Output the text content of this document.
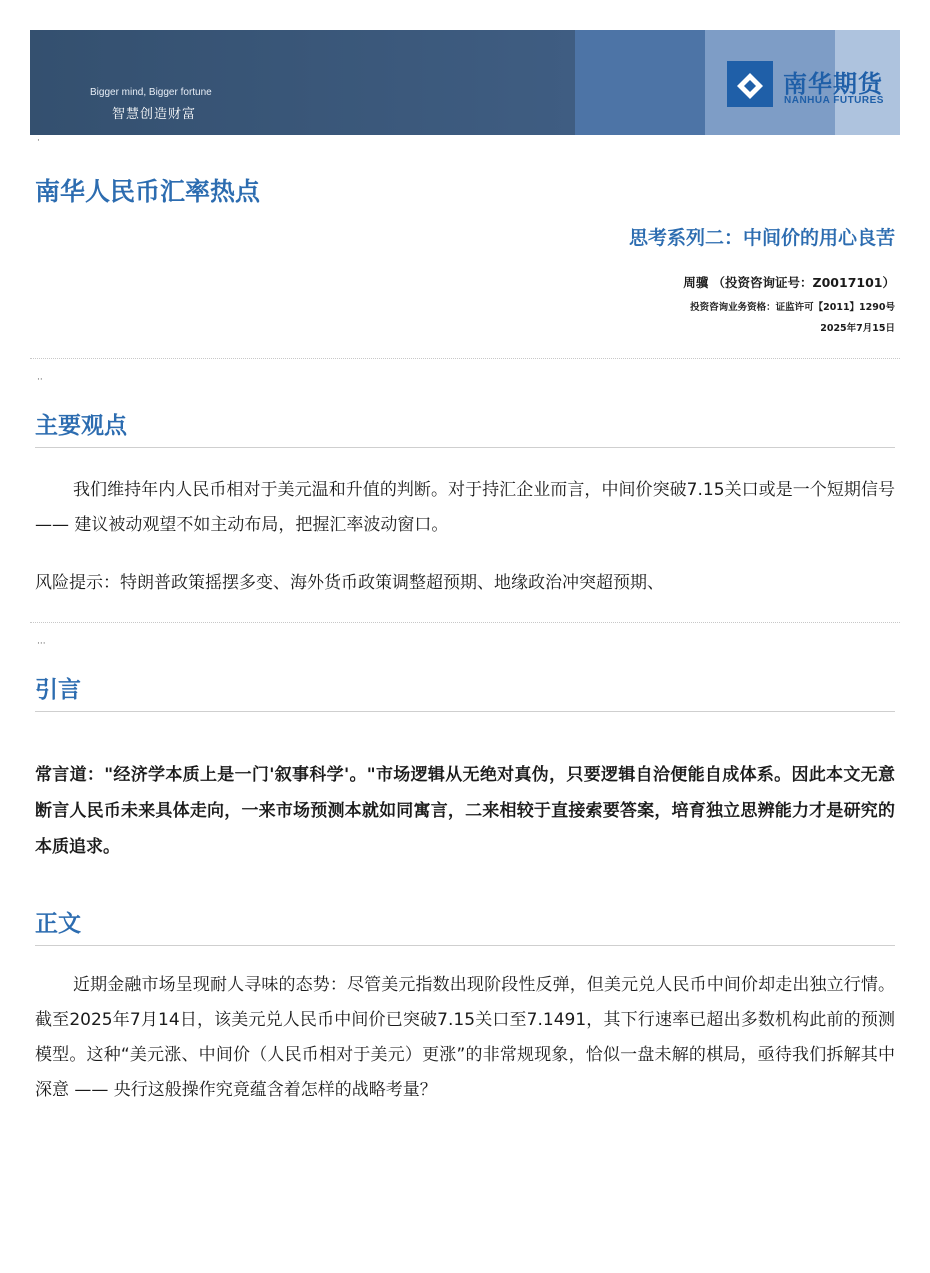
Bigger mind, Bigger fortune
智慧创造财富
南华期货
NANHUA FUTURES
·
南华人民币汇率热点
思考系列二：中间价的用心良苦
周骥 （投资咨询证号：Z0017101）
投资咨询业务资格：证监许可【2011】1290号
2025年7月15日
··
主要观点

我们维持年内人民币相对于美元温和升值的判断。对于持汇企业而言，中间价突破7.15关口或是一个短期信号 —— 建议被动观望不如主动布局，把握汇率波动窗口。

风险提示：特朗普政策摇摆多变、海外货币政策调整超预期、地缘政治冲突超预期、

···
引言

常言道："经济学本质上是一门'叙事科学'。"市场逻辑从无绝对真伪，只要逻辑自洽便能自成体系。因此本文无意断言人民币未来具体走向，一来市场预测本就如同寓言，二来相较于直接索要答案，培育独立思辨能力才是研究的本质追求。

正文

近期金融市场呈现耐人寻味的态势：尽管美元指数出现阶段性反弹，但美元兑人民币中间价却走出独立行情。截至2025年7月14日，该美元兑人民币中间价已突破7.15关口至7.1491，其下行速率已超出多数机构此前的预测模型。这种“美元涨、中间价（人民币相对于美元）更涨”的非常规现象，恰似一盘未解的棋局，亟待我们拆解其中深意 —— 央行这般操作究竟蕴含着怎样的战略考量？
